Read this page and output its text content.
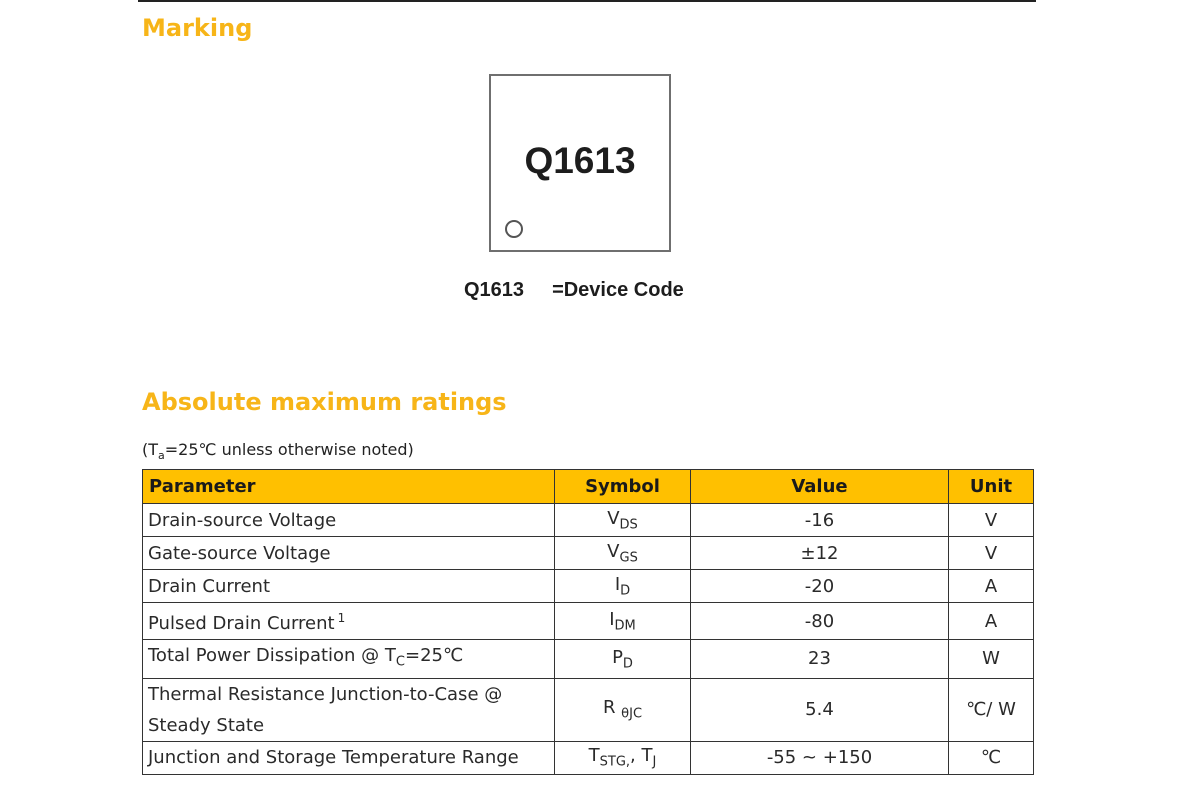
Marking
Q1613
Q1613 =Device Code
Absolute maximum ratings
($T_a=25℃$ unless otherwise noted)
Parameter	Symbol	Value	Unit
Drain-source Voltage	$V_{DS}$	-16	V
Gate-source Voltage	$V_{GS}$	±12	V
Drain Current	$I_D$	-20	A
Pulsed Drain Current $^1$	$I_{DM}$	-80	A
Total Power Dissipation @ $T_C=25℃$	$P_D$	23	W

Thermal Resistance Junction-to-Case @
Steady State	R $_{\theta JC}$	5.4	℃/ W
Junction and Storage Temperature Range	$T_{STG,}$, $T_J$	-55 ~ +150	℃
